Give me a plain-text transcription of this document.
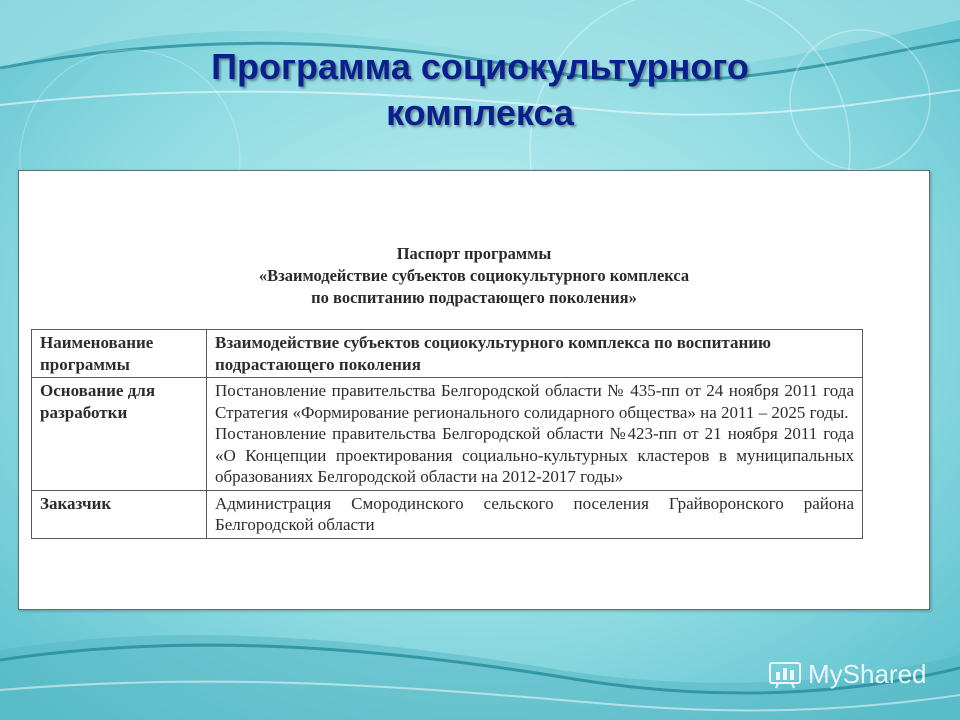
Программа социокультурного
комплекса
Паспорт программы
«Взаимодействие субъектов социокультурного комплекса
по воспитанию подрастающего поколения»
Наименование программы	Взаимодействие субъектов социокультурного комплекса по воспитанию подрастающего поколения
Основание для разработки	Постановление правительства Белгородской области № 435-пп от 24 ноября 2011 года Стратегия «Формирование регионального солидарного общества» на 2011 – 2025 годы.
Постановление правительства Белгородской области №423-пп от 21 ноября 2011 года «О Концепции проектирования социально-культурных кластеров в муниципальных образованиях Белгородской области на 2012-2017 годы»

Заказчик	Администрация Смородинского сельского поселения Грайворонского района Белгородской области
MyShared
